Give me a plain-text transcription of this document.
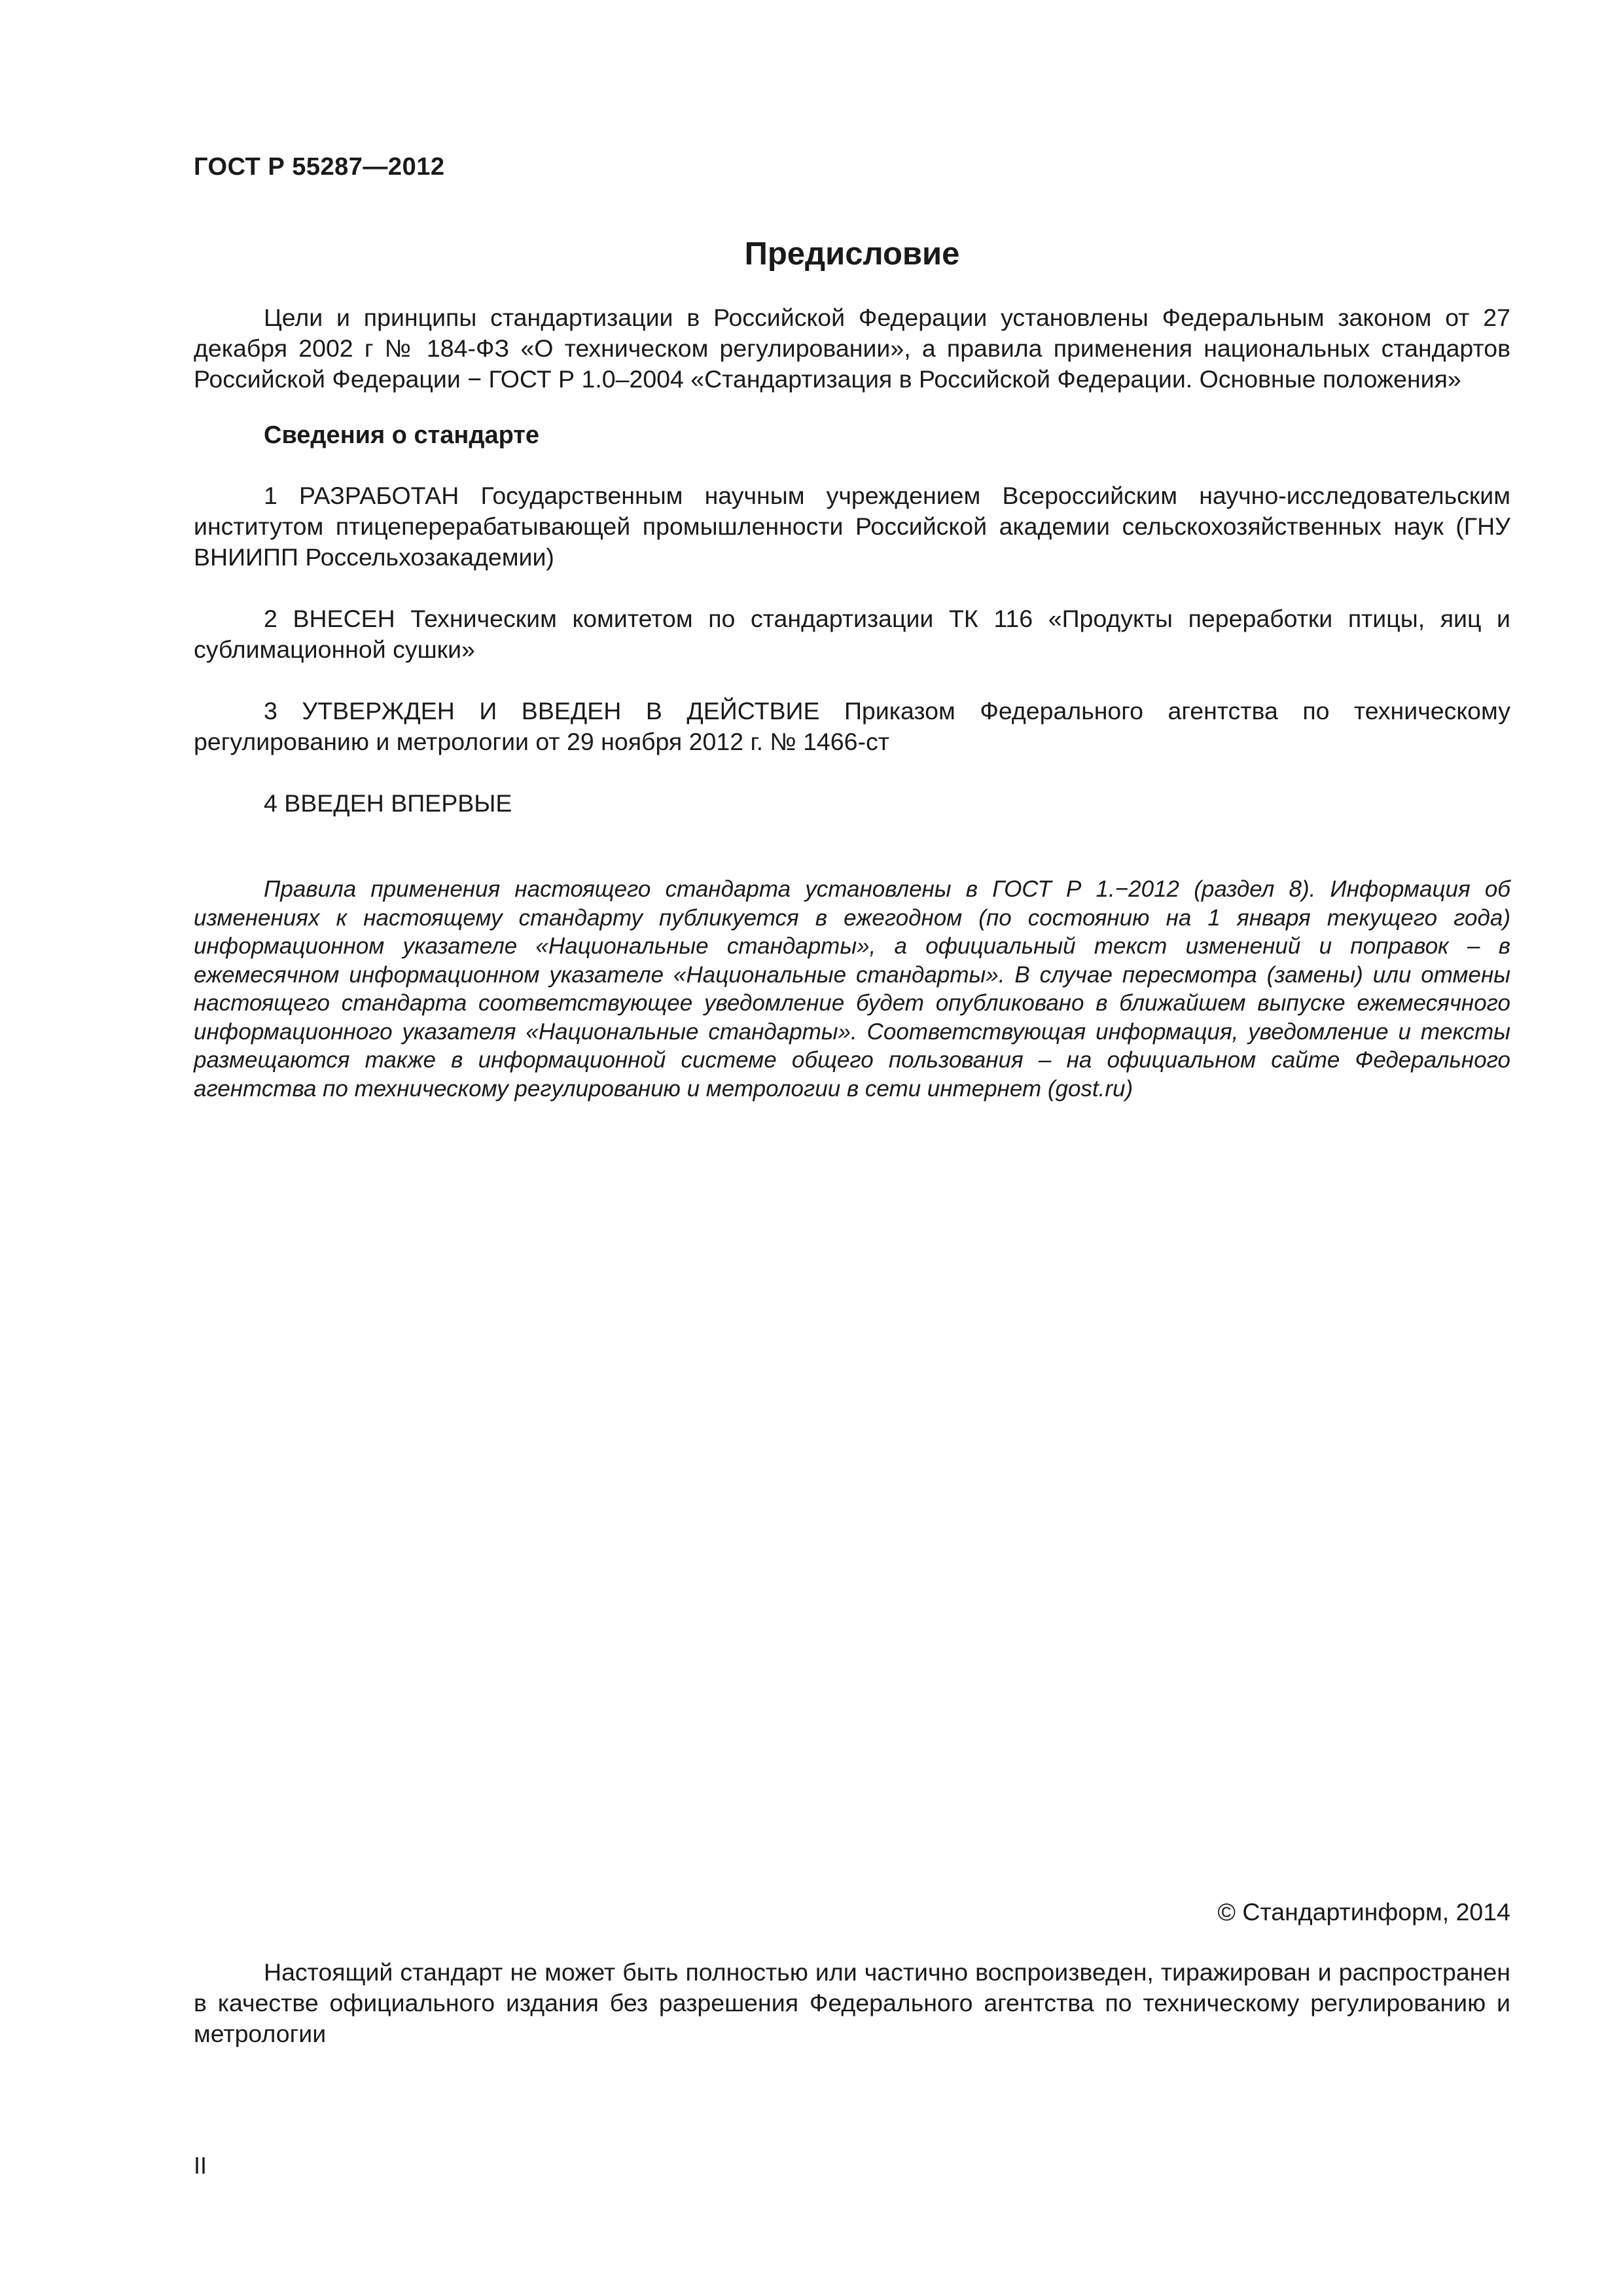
ГОСТ Р 55287—2012
Предисловие

Цели и принципы стандартизации в Российской Федерации установлены Федеральным законом от 27 декабря 2002 г № 184-ФЗ «О техническом регулировании», а правила применения национальных стандартов Российской Федерации − ГОСТ Р 1.0–2004 «Стандартизация в Российской Федерации. Основные положения»

Сведения о стандарте

1 РАЗРАБОТАН Государственным научным учреждением Всероссийским научно-исследовательским институтом птицеперерабатывающей промышленности Российской академии сельскохозяйственных наук (ГНУ ВНИИПП Россельхозакадемии)

2 ВНЕСЕН Техническим комитетом по стандартизации ТК 116 «Продукты переработки птицы, яиц и сублимационной сушки»

3 УТВЕРЖДЕН И ВВЕДЕН В ДЕЙСТВИЕ Приказом Федерального агентства по техническому регулированию и метрологии от 29 ноября 2012 г. № 1466-ст

4 ВВЕДЕН ВПЕРВЫЕ

Правила применения настоящего стандарта установлены в ГОСТ Р 1.−2012 (раздел 8). Информация об изменениях к настоящему стандарту публикуется в ежегодном (по состоянию на 1 января текущего года) информационном указателе «Национальные стандарты», а официальный текст изменений и поправок – в ежемесячном информационном указателе «Национальные стандарты». В случае пересмотра (замены) или отмены настоящего стандарта соответствующее уведомление будет опубликовано в ближайшем выпуске ежемесячного информационного указателя «Национальные стандарты». Соответствующая информация, уведомление и тексты размещаются также в информационной системе общего пользования – на официальном сайте Федерального агентства по техническому регулированию и метрологии в сети интернет (gost.ru)

© Стандартинформ, 2014

Настоящий стандарт не может быть полностью или частично воспроизведен, тиражирован и распространен в качестве официального издания без разрешения Федерального агентства по техническому регулированию и метрологии

II
